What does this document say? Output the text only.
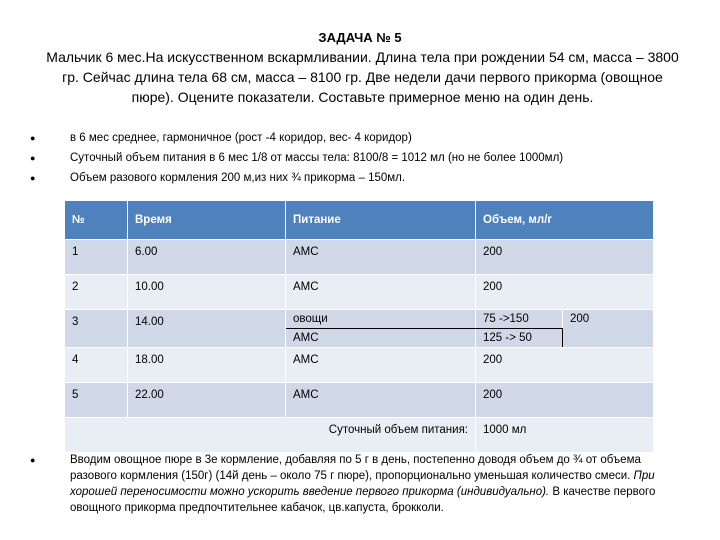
ЗАДАЧА № 5
Мальчик 6 мес.На искусственном вскармливании. Длина тела при рождении 54 см, масса – 3800 гр. Сейчас длина тела 68 см, масса – 8100 гр. Две недели дачи первого прикорма (овощное пюре). Оцените показатели. Составьте примерное меню на один день.
●	в 6 мес среднее, гармоничное (рост -4 коридор, вес- 4 коридор)
●	Суточный объем питания в 6 мес 1/8 от массы тела: 8100/8 = 1012 мл (но не более 1000мл)
●	Объем разового кормления 200 м,из них ¾ прикорма – 150мл.
№	Время	Питание	Объем, мл/г	
1	6.00	АМС	200	
2	10.00	АМС	200	
3	14.00	овощи	75 ->150	200
		АМС	125 -> 50	
4	18.00	АМС	200	
5	22.00	АМС	200	
Суточный объем питания:			1000 мл	
●	Вводим овощное пюре в 3е кормление, добавляя по 5 г в день, постепенно доводя объем до ¾ от объема разового кормления (150г) (14й день – около 75 г пюре), пропорционально уменьшая количество смеси. При хорошей переносимости можно ускорить введение первого прикорма (индивидуально). В качестве первого овощного прикорма предпочтительнее кабачок, цв.капуста, брокколи.
